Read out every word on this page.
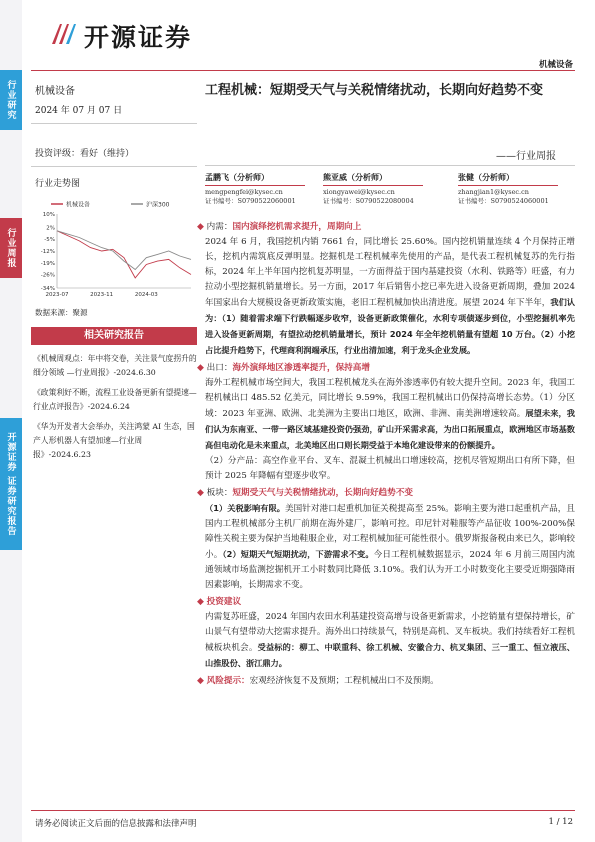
行业研究
行业周报
开源证券 证券研究报告
开源证券
机械设备
机械设备
2024 年 07 月 07 日
投资评级：看好（维持）
行业走势图
机械设备	沪深300
10%
2%
-5%
-12%
-19%
-26%
-34%
2023-07	2023-11	2024-03
数据来源：聚源
相关研究报告
《机械周观点：年中将交卷，关注景气度拐升的细分领域 —行业周报》-2024.6.30
《政策利好不断，流程工业设备更新有望提速—行业点评报告》-2024.6.24
《华为开发者大会举办，关注鸿蒙 AI 生态，国产人形机器人有望加速—行业周报》-2024.6.23
工程机械：短期受天气与关税情绪扰动，长期向好趋势不变
——行业周报
孟鹏飞（分析师）
mengpengfei@kysec.cn
证书编号：S0790522060001
熊亚威（分析师）
xiongyawei@kysec.cn
证书编号：S0790522080004
张健（分析师）
zhangjian1@kysec.cn
证书编号：S0790524060001
◆ 内需：国内演绎挖机需求提升，周期向上
2024 年 6 月，我国挖机内销 7661 台，同比增长 25.60%。国内挖机销量连续 4 个月保持正增长，挖机内需筑底反弹明显。挖掘机是工程机械率先使用的产品，是代表工程机械复苏的先行指标，2024 年上半年国内挖机复苏明显，一方面得益于国内基建投资（水利、铁路等）旺盛，有力拉动小型挖掘机销量增长。另一方面，2017 年后销售小挖已率先进入设备更新周期，叠加 2024 年国家出台大规模设备更新政策实施，老旧工程机械加快出清进度。展望 2024 年下半年，我们认为：（1）随着需求端下行跌幅逐步收窄，设备更新政策催化，水利专项债逐步到位，小型挖掘机率先进入设备更新周期，有望拉动挖机销量增长，预计 2024 年全年挖机销量有望超 10 万台。（2）小挖占比提升趋势下，代理商利润端承压，行业出清加速，利于龙头企业发展。
◆ 出口：海外演绎地区渗透率提升，保持高增
海外工程机械市场空间大，我国工程机械龙头在海外渗透率仍有较大提升空间。2023 年，我国工程机械出口 485.52 亿美元，同比增长 9.59%，我国工程机械出口仍保持高增长态势。（1）分区域：2023 年亚洲、欧洲、北美洲为主要出口地区，欧洲、非洲、南美洲增速较高。展望未来，我们认为东南亚、一带一路区域基建投资仍强劲，矿山开采需求高，为出口拓展重点，欧洲地区市场基数高但电动化是未来重点，北美地区出口则长期受益于本地化建设带来的份额提升。
（2）分产品：高空作业平台、叉车、混凝土机械出口增速较高，挖机尽管短期出口有所下降，但预计 2025 年降幅有望逐步收窄。
◆ 板块：短期受天气与关税情绪扰动，长期向好趋势不变
（1）关税影响有限。美国针对港口起重机加征关税提高至 25%。影响主要为港口起重机产品，且国内工程机械部分主机厂前期在海外建厂，影响可控。印尼针对鞋服等产品征收 100%-200%保障性关税主要为保护当地鞋服企业，对工程机械加征可能性很小。俄罗斯报备税由来已久，影响较小。（2）短期天气短期扰动，下游需求不变。今日工程机械数据显示，2024 年 6 月前三周国内流通领域市场监测挖掘机开工小时数同比降低 3.10%。我们认为开工小时数变化主要受近期强降雨因素影响，长期需求不变。
◆ 投资建议
内需复苏旺盛，2024 年国内农田水利基建投资高增与设备更新需求，小挖销量有望保持增长，矿山景气有望带动大挖需求提升。海外出口持续景气，特别是高机、叉车板块。我们持续看好工程机械板块机会。受益标的：柳工、中联重科、徐工机械、安徽合力、杭叉集团、三一重工、恒立液压、山推股份、浙江鼎力。
◆ 风险提示：宏观经济恢复不及预期；工程机械出口不及预期。
请务必阅读正文后面的信息披露和法律声明	1 / 12
